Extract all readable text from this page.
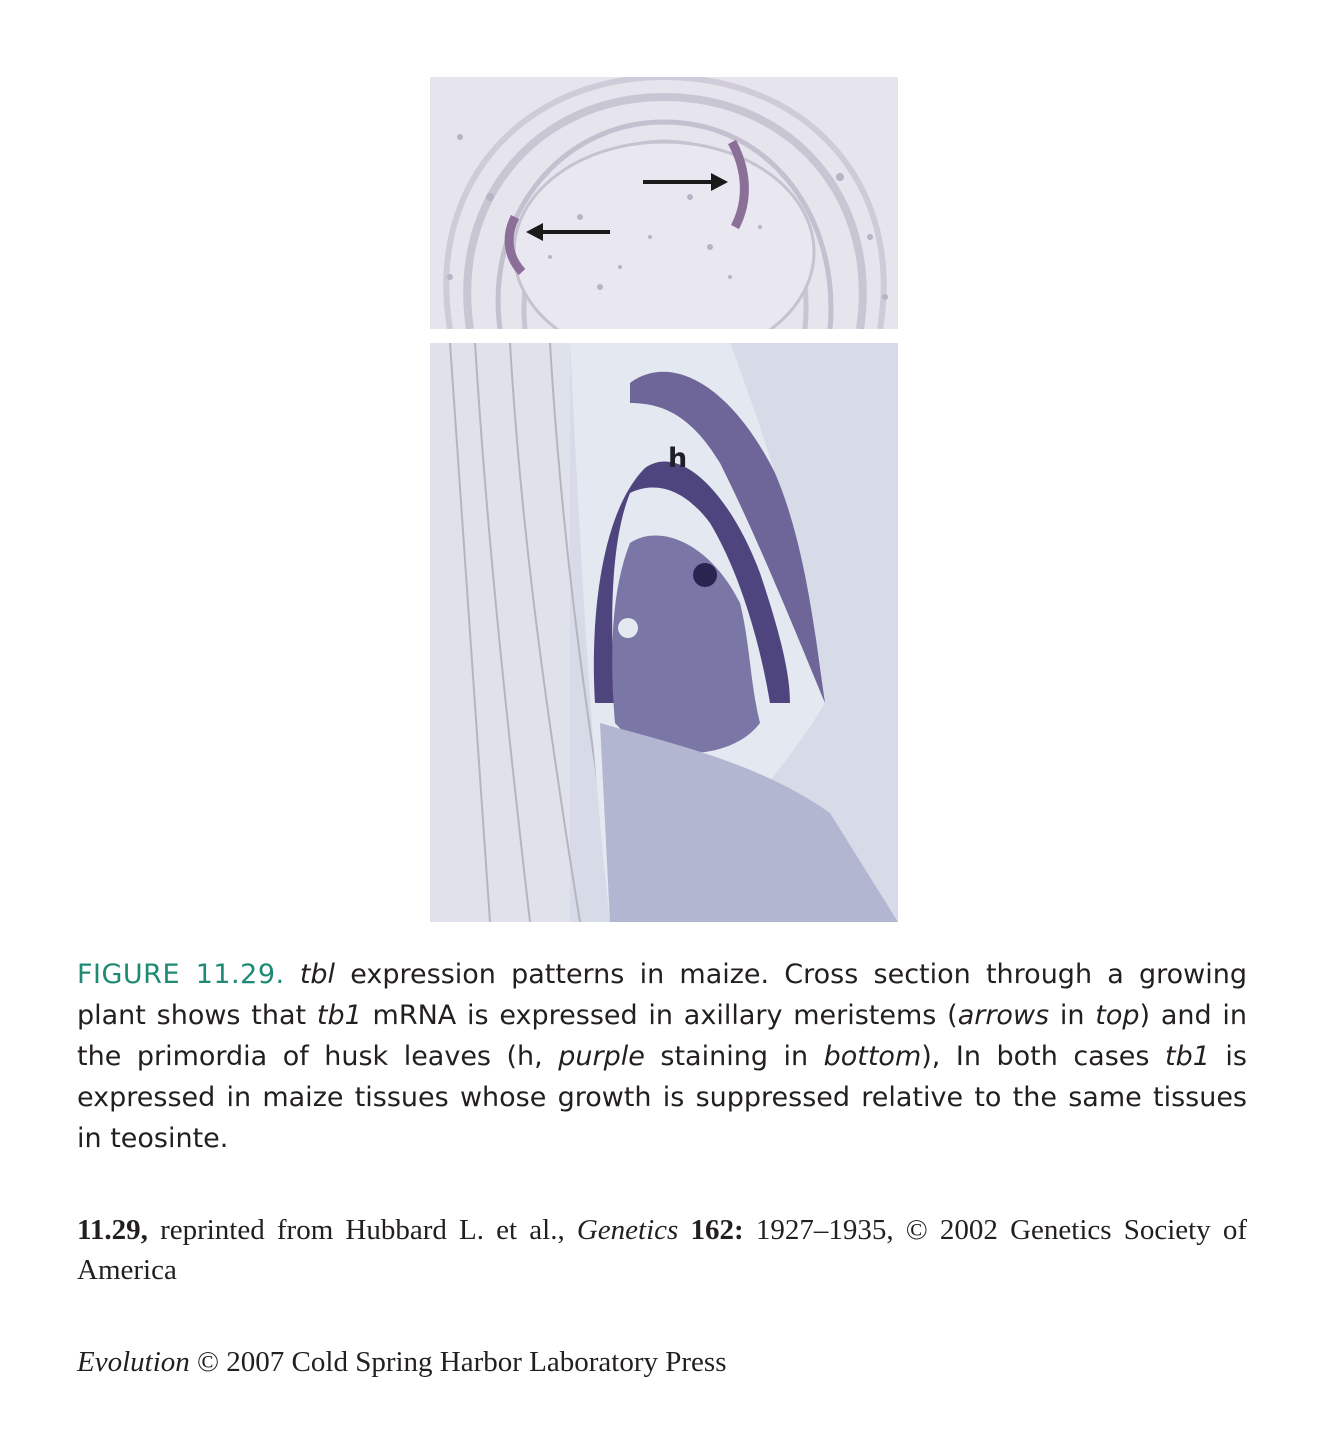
h

FIGURE 11.29. tbl expression patterns in maize. Cross section through a growing plant shows that tb1 mRNA is expressed in axillary meristems (arrows in top) and in the primordia of husk leaves (h, purple staining in bottom), In both cases tb1 is expressed in maize tissues whose growth is suppressed relative to the same tissues in teosinte.

11.29, reprinted from Hubbard L. et al., Genetics 162: 1927–1935, © 2002 Genetics Society of America

Evolution © 2007 Cold Spring Harbor Laboratory Press
